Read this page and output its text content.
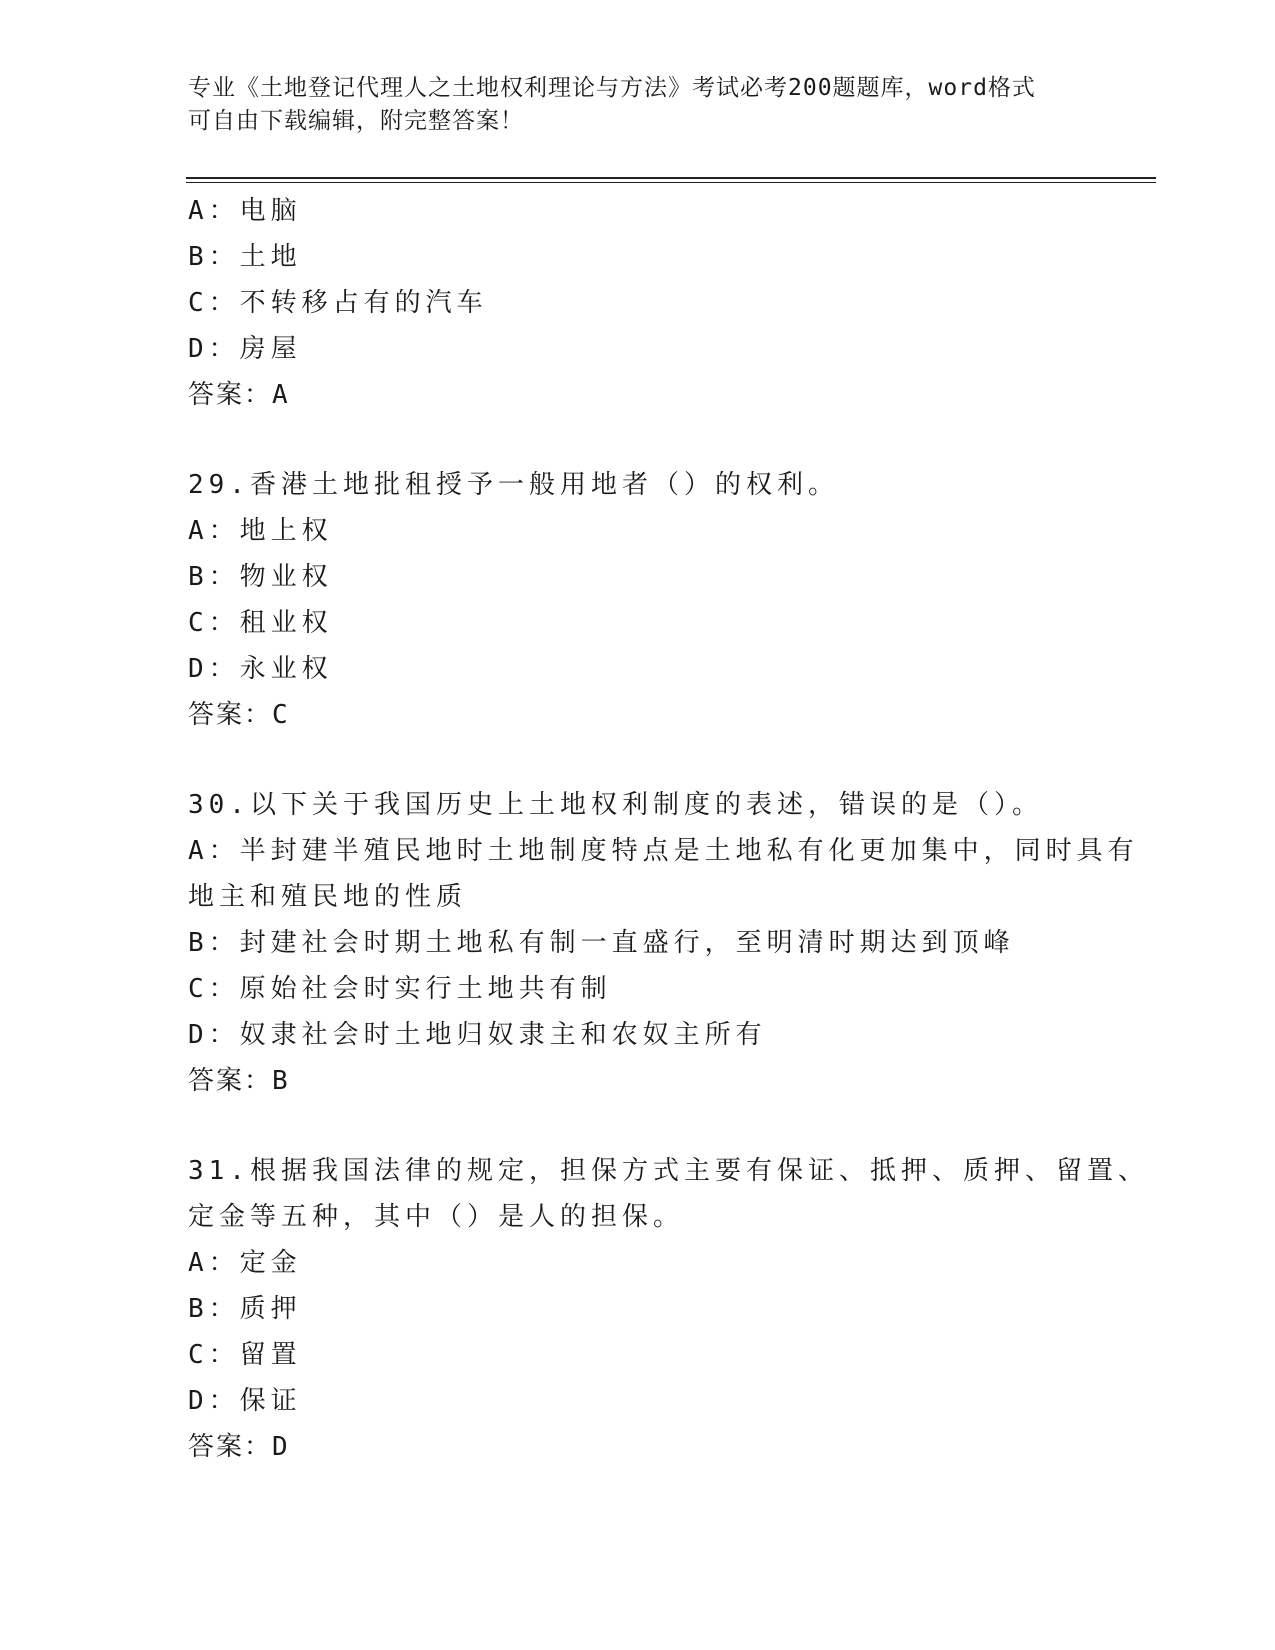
专业《土地登记代理人之土地权利理论与方法》考试必考200题题库，word格式
可自由下载编辑，附完整答案！
A：电脑
B：土地
C：不转移占有的汽车
D：房屋
答案：A
29.香港土地批租授予一般用地者（）的权利。
A：地上权
B：物业权
C：租业权
D：永业权
答案：C
30.以下关于我国历史上土地权利制度的表述，错误的是（）。
A：半封建半殖民地时土地制度特点是土地私有化更加集中，同时具有
地主和殖民地的性质
B：封建社会时期土地私有制一直盛行，至明清时期达到顶峰
C：原始社会时实行土地共有制
D：奴隶社会时土地归奴隶主和农奴主所有
答案：B
31.根据我国法律的规定，担保方式主要有保证、抵押、质押、留置、
定金等五种，其中（）是人的担保。
A：定金
B：质押
C：留置
D：保证
答案：D
